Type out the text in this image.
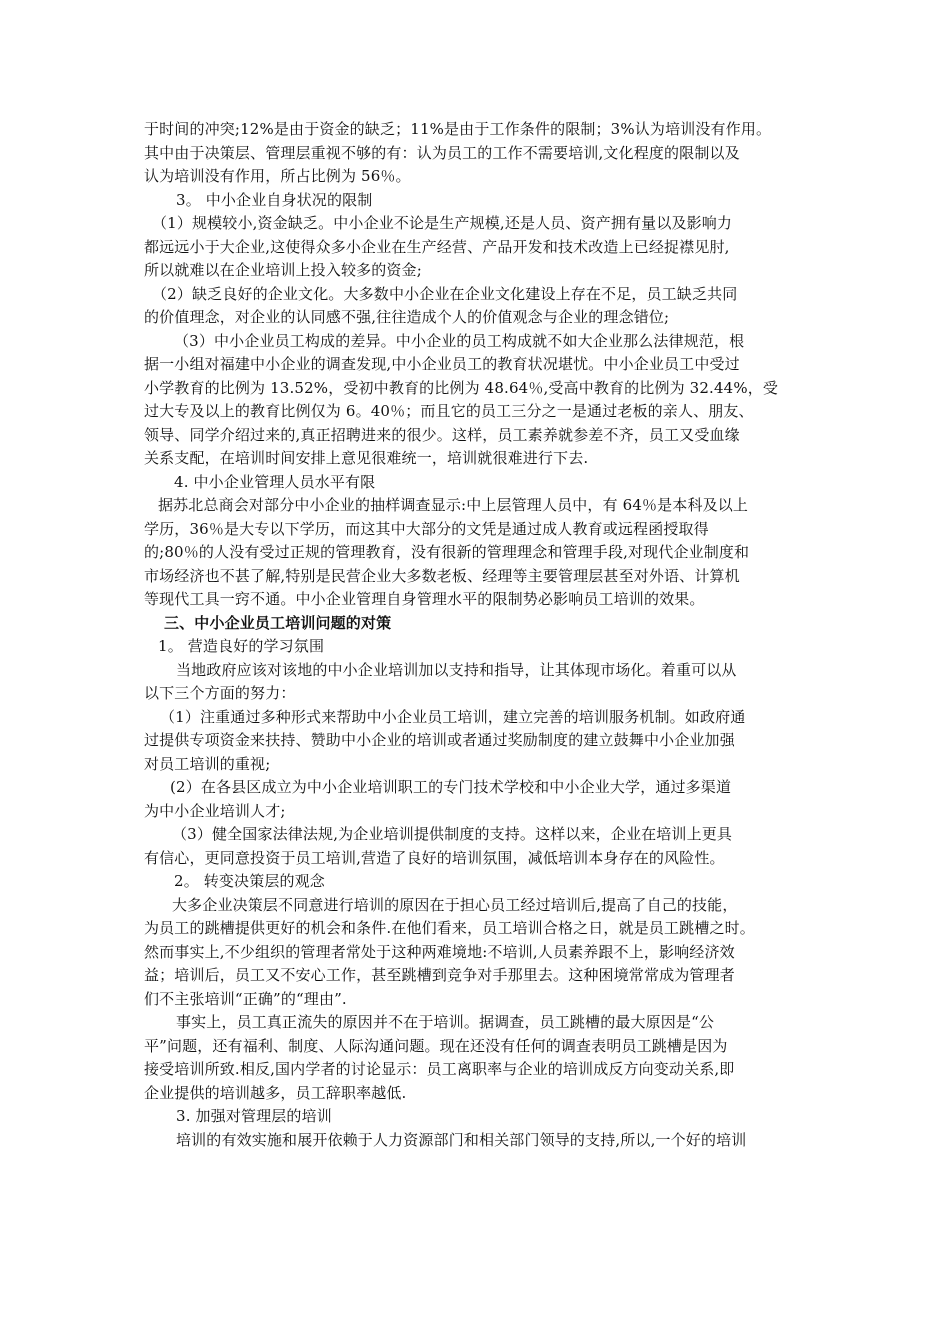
于时间的冲突;12%是由于资金的缺乏；11%是由于工作条件的限制；3%认为培训没有作用。
其中由于决策层、管理层重视不够的有：认为员工的工作不需要培训,文化程度的限制以及
认为培训没有作用，所占比例为 56％。
3。 中小企业自身状况的限制
（1）规模较小,资金缺乏。中小企业不论是生产规模,还是人员、资产拥有量以及影响力
都远远小于大企业,这使得众多小企业在生产经营、产品开发和技术改造上已经捉襟见肘,
所以就难以在企业培训上投入较多的资金;
（2）缺乏良好的企业文化。大多数中小企业在企业文化建设上存在不足，员工缺乏共同
的价值理念，对企业的认同感不强,往往造成个人的价值观念与企业的理念错位;
（3）中小企业员工构成的差异。中小企业的员工构成就不如大企业那么法律规范，根
据一小组对福建中小企业的调查发现,中小企业员工的教育状况堪忧。中小企业员工中受过
小学教育的比例为 13.52%，受初中教育的比例为 48.64％,受高中教育的比例为 32.44%，受
过大专及以上的教育比例仅为 6。40％；而且它的员工三分之一是通过老板的亲人、朋友、
领导、同学介绍过来的,真正招聘进来的很少。这样，员工素养就参差不齐，员工又受血缘
关系支配，在培训时间安排上意见很难统一，培训就很难进行下去.
4. 中小企业管理人员水平有限
据苏北总商会对部分中小企业的抽样调查显示:中上层管理人员中，有 64％是本科及以上
学历，36％是大专以下学历，而这其中大部分的文凭是通过成人教育或远程函授取得
的;80％的人没有受过正规的管理教育，没有很新的管理理念和管理手段,对现代企业制度和
市场经济也不甚了解,特别是民营企业大多数老板、经理等主要管理层甚至对外语、计算机
等现代工具一窍不通。中小企业管理自身管理水平的限制势必影响员工培训的效果。
三、中小企业员工培训问题的对策
1。 营造良好的学习氛围
当地政府应该对该地的中小企业培训加以支持和指导，让其体现市场化。着重可以从
以下三个方面的努力：
（1）注重通过多种形式来帮助中小企业员工培训，建立完善的培训服务机制。如政府通
过提供专项资金来扶持、赞助中小企业的培训或者通过奖励制度的建立鼓舞中小企业加强
对员工培训的重视;
(2）在各县区成立为中小企业培训职工的专门技术学校和中小企业大学，通过多渠道
为中小企业培训人才;
（3）健全国家法律法规,为企业培训提供制度的支持。这样以来，企业在培训上更具
有信心，更同意投资于员工培训,营造了良好的培训氛围，减低培训本身存在的风险性。
2。 转变决策层的观念
大多企业决策层不同意进行培训的原因在于担心员工经过培训后,提高了自己的技能，
为员工的跳槽提供更好的机会和条件.在他们看来，员工培训合格之日，就是员工跳槽之时。
然而事实上,不少组织的管理者常处于这种两难境地:不培训,人员素养跟不上，影响经济效
益；培训后，员工又不安心工作，甚至跳槽到竞争对手那里去。这种困境常常成为管理者
们不主张培训“正确”的“理由”.
事实上，员工真正流失的原因并不在于培训。据调查，员工跳槽的最大原因是“公
平”问题，还有福利、制度、人际沟通问题。现在还没有任何的调查表明员工跳槽是因为
接受培训所致.相反,国内学者的讨论显示：员工离职率与企业的培训成反方向变动关系,即
企业提供的培训越多，员工辞职率越低.
3. 加强对管理层的培训
培训的有效实施和展开依赖于人力资源部门和相关部门领导的支持,所以,一个好的培训
